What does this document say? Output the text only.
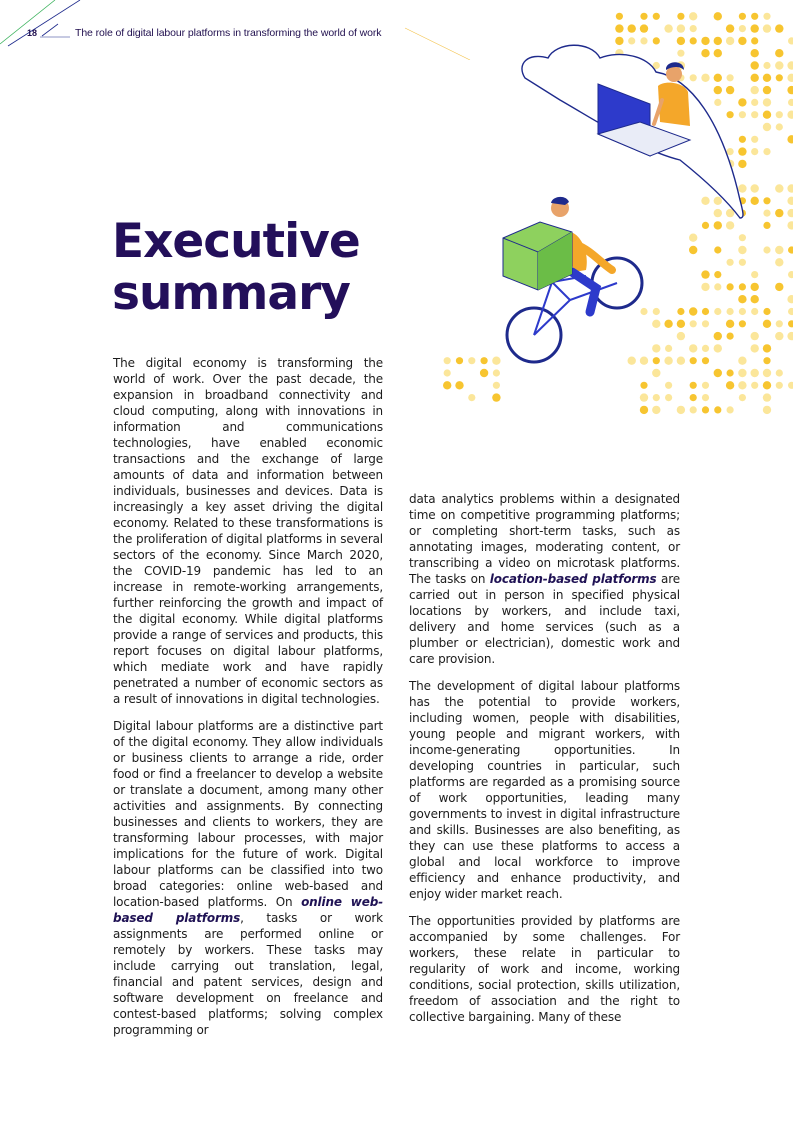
18	The role of digital labour platforms in transforming the world of work
Executive
summary

The digital economy is transforming the world of work. Over the past decade, the expansion in broadband connectivity and cloud computing, along with innovations in information and communications technologies, have enabled economic transactions and the exchange of large amounts of data and information between individuals, businesses and devices. Data is increasingly a key asset driving the digital economy. Related to these transformations is the proliferation of digital platforms in several sectors of the economy. Since March 2020, the COVID-19 pandemic has led to an increase in remote-working arrangements, further reinforcing the growth and impact of the digital economy. While digital platforms provide a range of services and products, this report focuses on digital labour platforms, which mediate work and have rapidly penetrated a number of economic sectors as a result of innovations in digital technologies.

Digital labour platforms are a distinctive part of the digital economy. They allow individuals or business clients to arrange a ride, order food or find a freelancer to develop a website or translate a document, among many other activities and assignments. By connecting businesses and clients to workers, they are transforming labour processes, with major implications for the future of work. Digital labour platforms can be classified into two broad categories: online web-based and location-based platforms. On online web-based platforms, tasks or work assignments are performed online or remotely by workers. These tasks may include carrying out translation, legal, financial and patent services, design and software development on freelance and contest-based platforms; solving complex programming or

data analytics problems within a designated time on competitive programming platforms; or completing short-term tasks, such as annotating images, moderating content, or transcribing a video on microtask platforms. The tasks on location-based platforms are carried out in person in specified physical locations by workers, and include taxi, delivery and home services (such as a plumber or electrician), domestic work and care provision.

The development of digital labour platforms has the potential to provide workers, including women, people with disabilities, young people and migrant workers, with income-generating opportunities. In developing countries in particular, such platforms are regarded as a promising source of work opportunities, leading many governments to invest in digital infrastructure and skills. Businesses are also benefiting, as they can use these platforms to access a global and local workforce to improve efficiency and enhance productivity, and enjoy wider market reach.

The opportunities provided by platforms are accompanied by some challenges. For workers, these relate in particular to regularity of work and income, working conditions, social protection, skills utilization, freedom of association and the right to collective bargaining. Many of these
